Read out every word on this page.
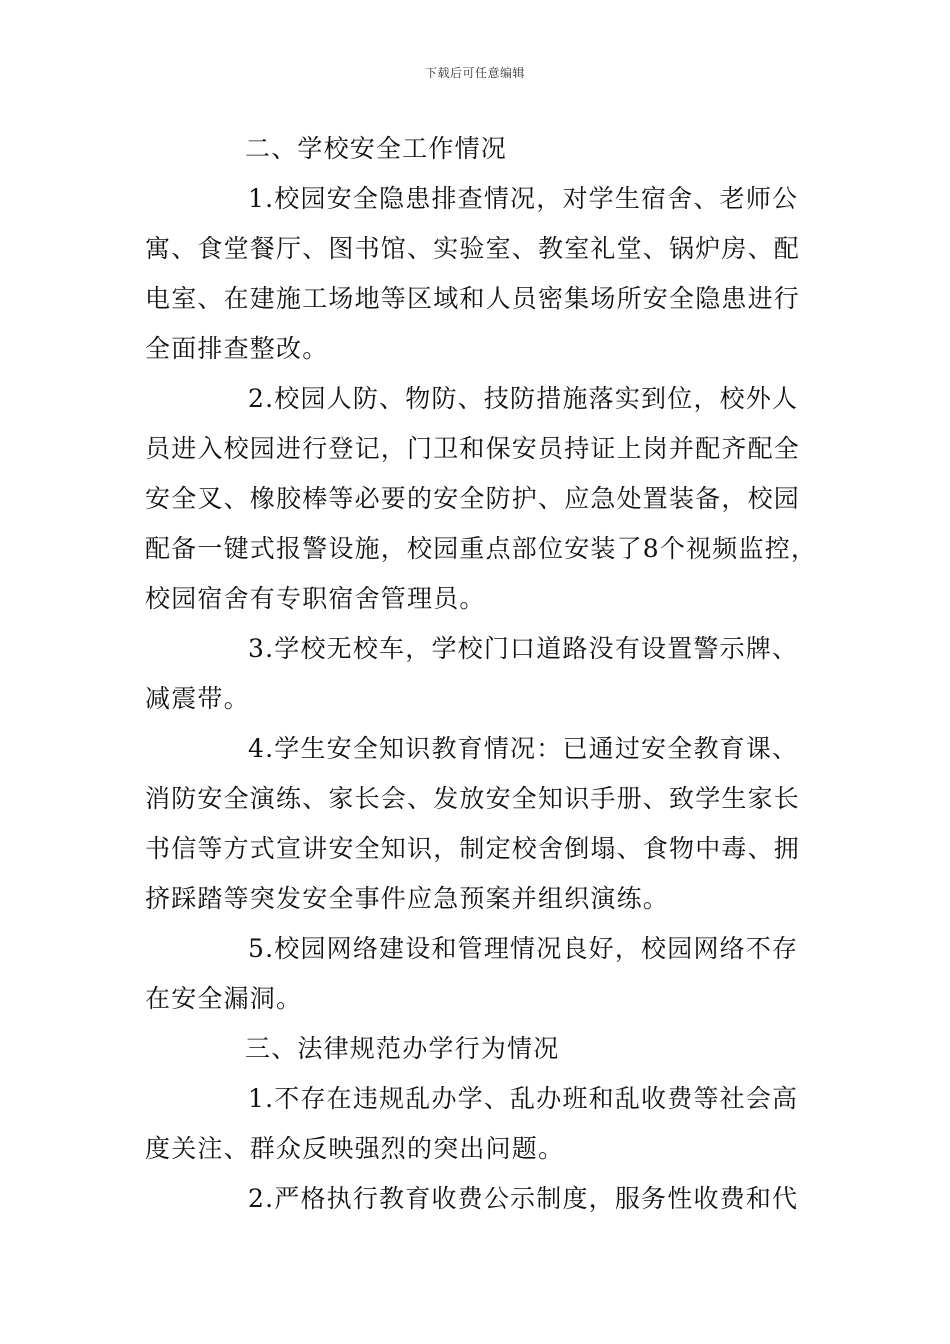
下载后可任意编辑
二、学校安全工作情况
1.校园安全隐患排查情况，对学生宿舍、老师公
寓、食堂餐厅、图书馆、实验室、教室礼堂、锅炉房、配
电室、在建施工场地等区域和人员密集场所安全隐患进行
全面排查整改。
2.校园人防、物防、技防措施落实到位，校外人
员进入校园进行登记，门卫和保安员持证上岗并配齐配全
安全叉、橡胶棒等必要的安全防护、应急处置装备，校园
配备一键式报警设施，校园重点部位安装了8个视频监控，
校园宿舍有专职宿舍管理员。
3.学校无校车，学校门口道路没有设置警示牌、
减震带。
4.学生安全知识教育情况：已通过安全教育课、
消防安全演练、家长会、发放安全知识手册、致学生家长
书信等方式宣讲安全知识，制定校舍倒塌、食物中毒、拥
挤踩踏等突发安全事件应急预案并组织演练。
5.校园网络建设和管理情况良好，校园网络不存
在安全漏洞。
三、法律规范办学行为情况
1.不存在违规乱办学、乱办班和乱收费等社会高
度关注、群众反映强烈的突出问题。
2.严格执行教育收费公示制度，服务性收费和代
